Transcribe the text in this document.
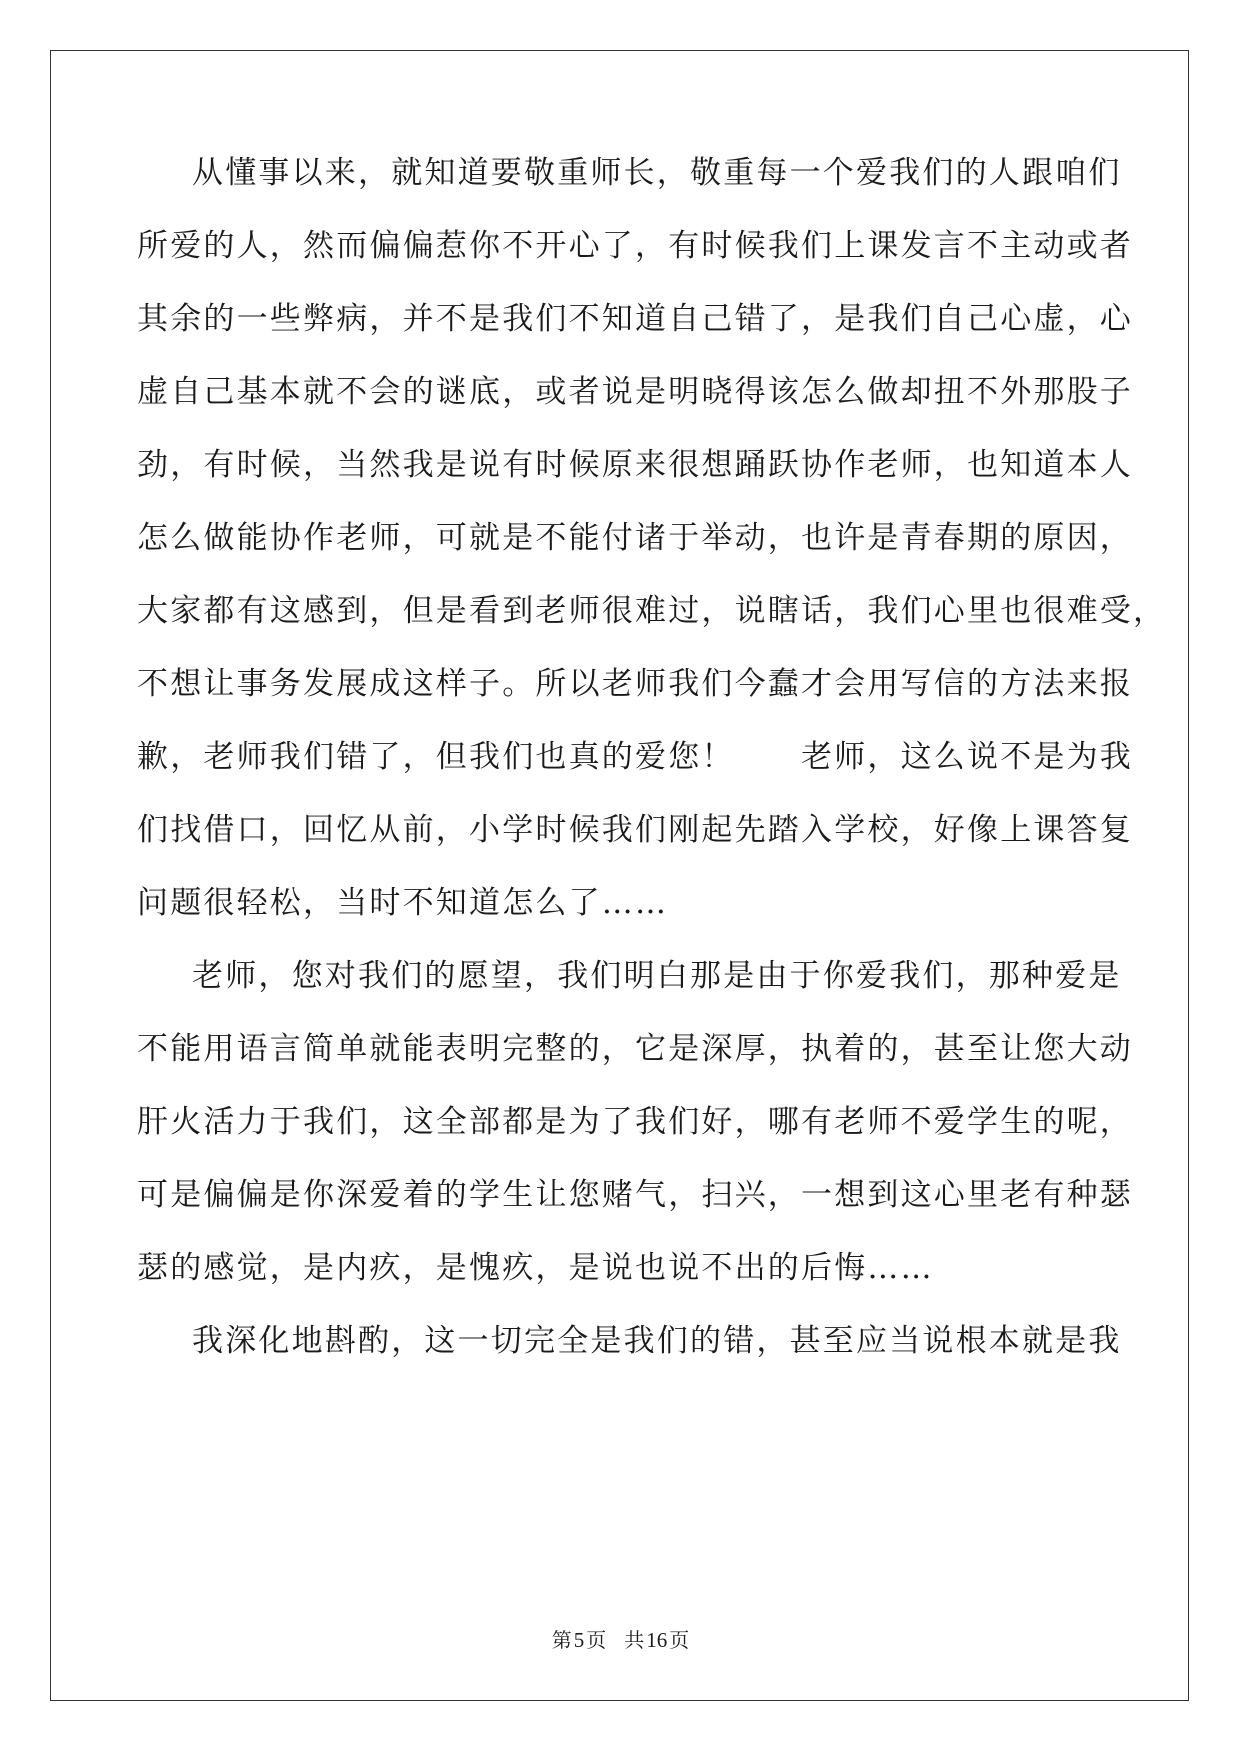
从懂事以来，就知道要敬重师长，敬重每一个爱我们的人跟咱们
所爱的人，然而偏偏惹你不开心了，有时候我们上课发言不主动或者
其余的一些弊病，并不是我们不知道自己错了，是我们自己心虚，心
虚自己基本就不会的谜底，或者说是明晓得该怎么做却扭不外那股子
劲，有时候，当然我是说有时候原来很想踊跃协作老师，也知道本人
怎么做能协作老师，可就是不能付诸于举动，也许是青春期的原因，
大家都有这感到，但是看到老师很难过，说瞎话，我们心里也很难受，
不想让事务发展成这样子。所以老师我们今蠢才会用写信的方法来报
歉，老师我们错了，但我们也真的爱您！　　老师，这么说不是为我
们找借口，回忆从前，小学时候我们刚起先踏入学校，好像上课答复
问题很轻松，当时不知道怎么了……
老师，您对我们的愿望，我们明白那是由于你爱我们，那种爱是
不能用语言简单就能表明完整的，它是深厚，执着的，甚至让您大动
肝火活力于我们，这全部都是为了我们好，哪有老师不爱学生的呢，
可是偏偏是你深爱着的学生让您赌气，扫兴，一想到这心里老有种瑟
瑟的感觉，是内疚，是愧疚，是说也说不出的后悔……
我深化地斟酌，这一切完全是我们的错，甚至应当说根本就是我
第5 页 共16 页
